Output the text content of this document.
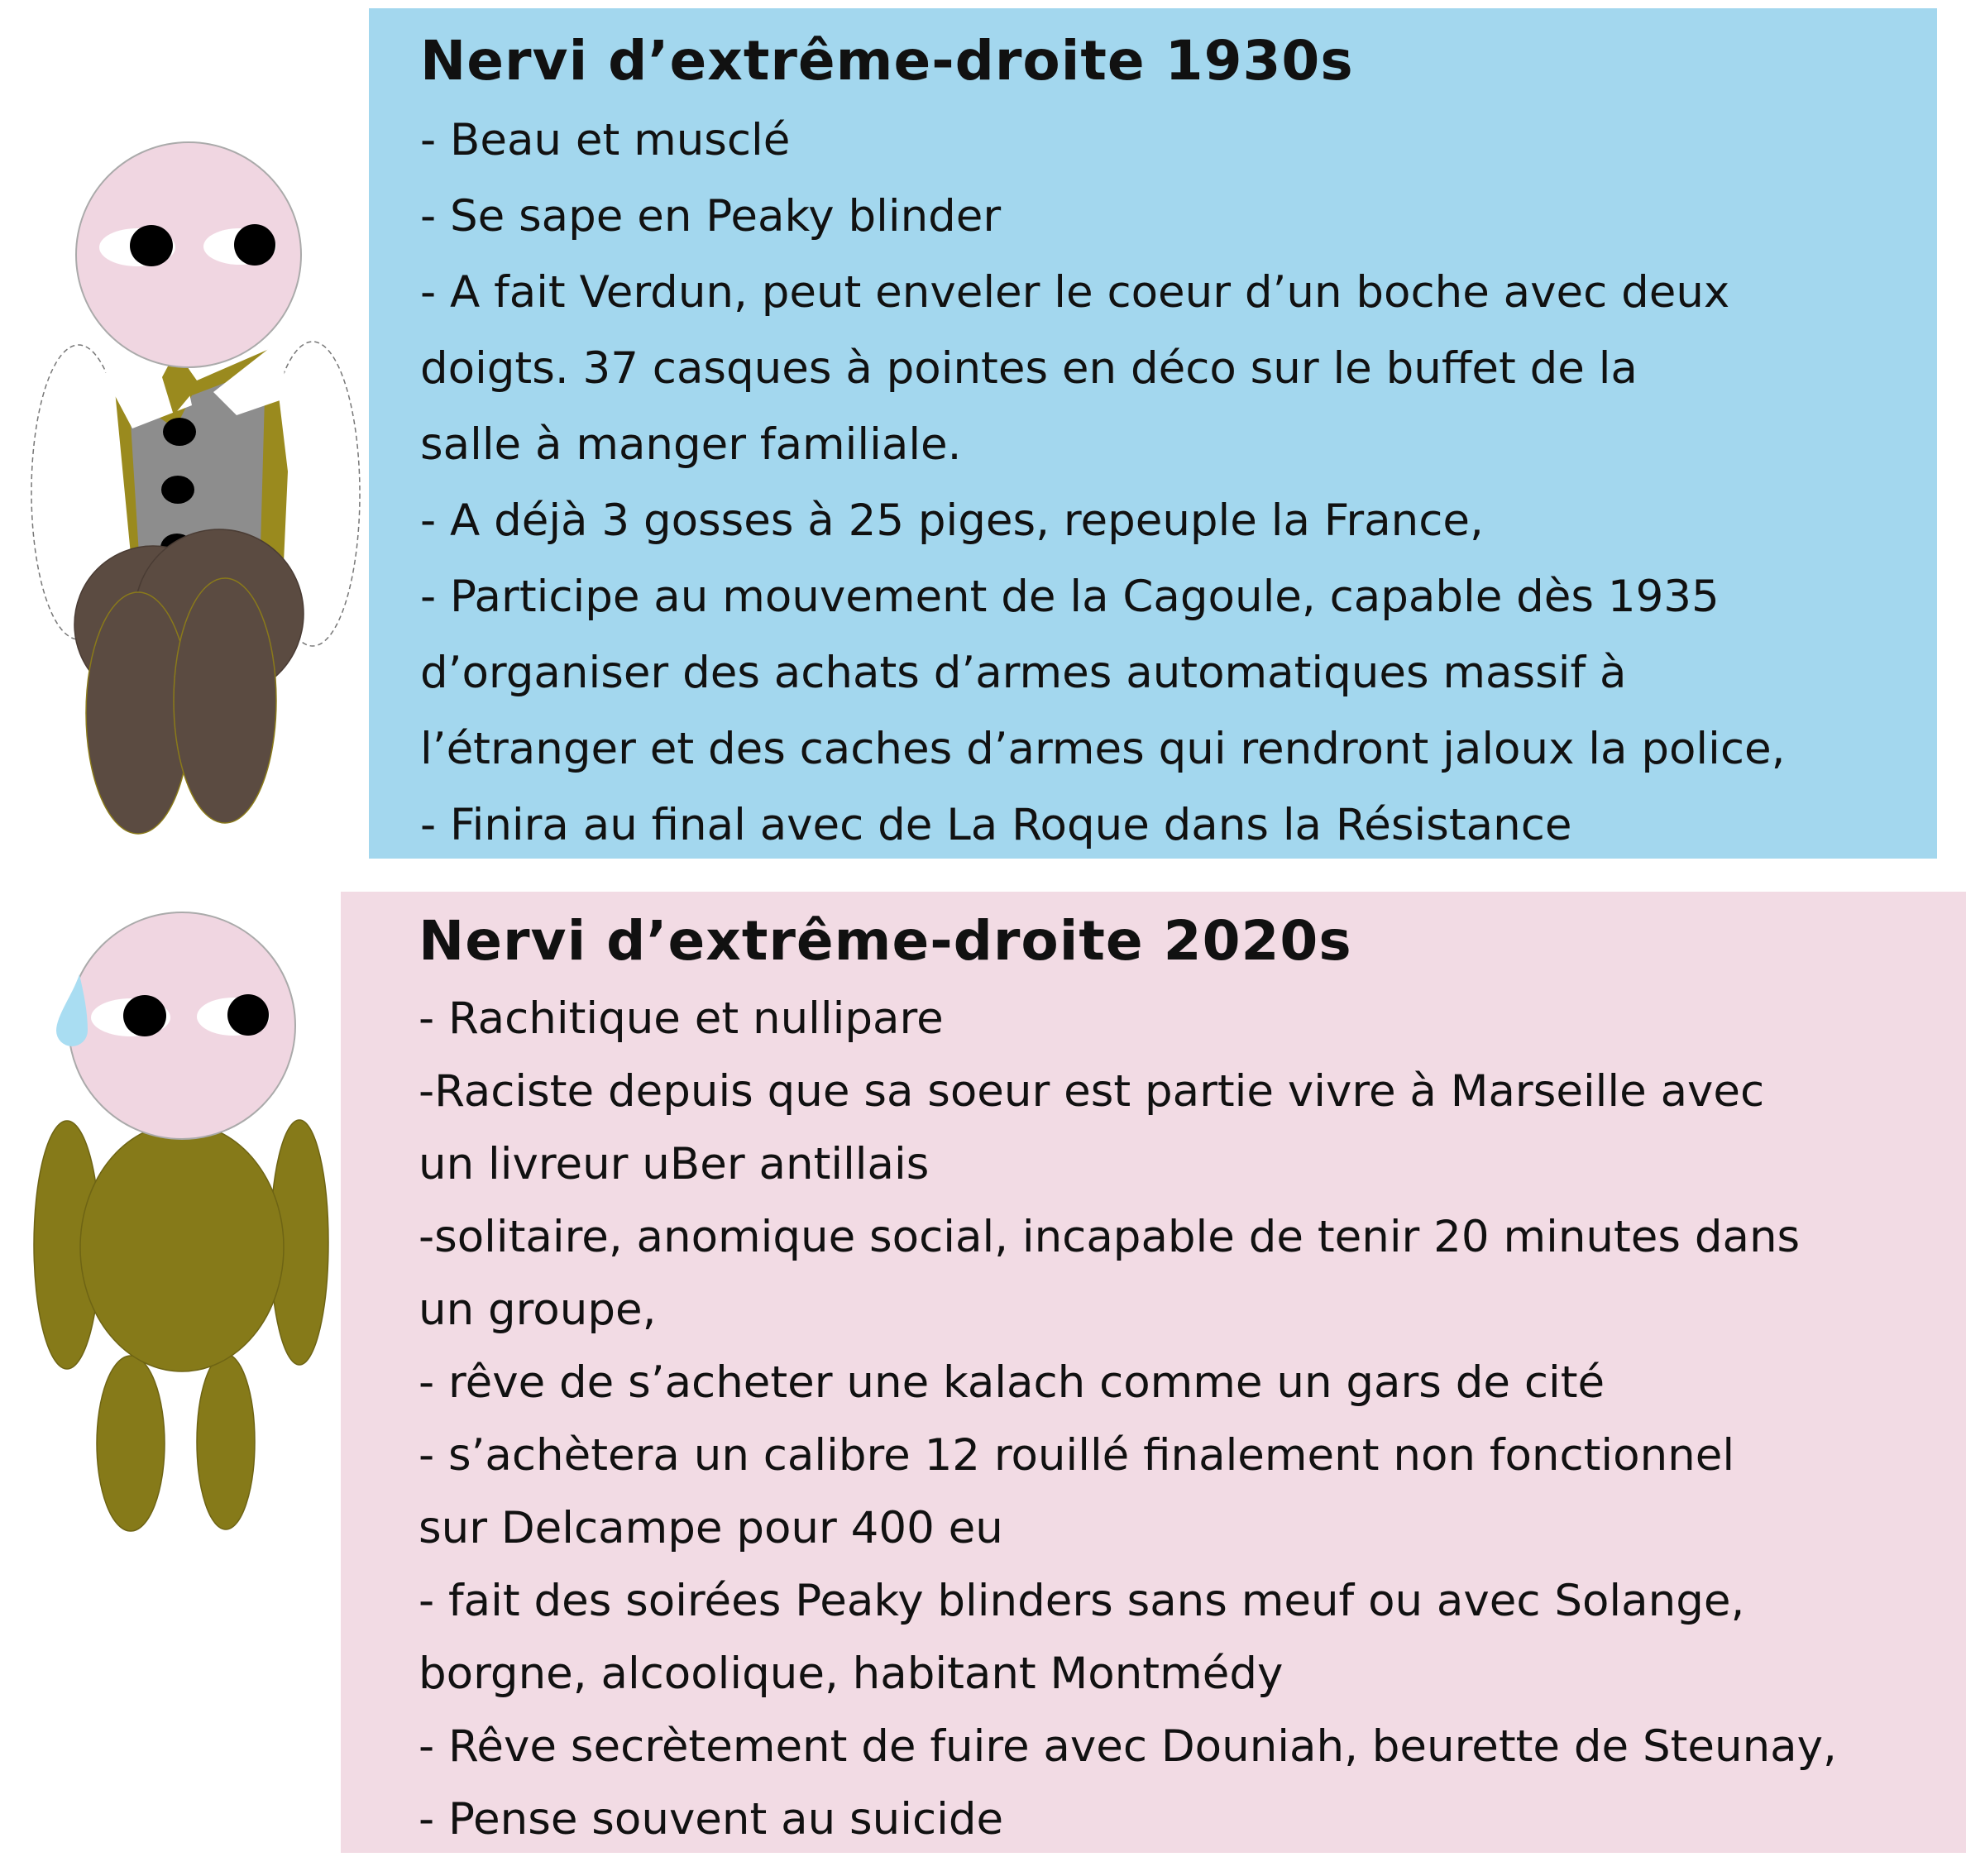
Nervi d’extrême-droite 1930s
- Beau et musclé
- Se sape en Peaky blinder
- A fait Verdun, peut enveler le coeur d’un boche avec deux
doigts. 37 casques à pointes en déco sur le buffet de la
salle à manger familiale.
- A déjà 3 gosses à 25 piges, repeuple la France,
- Participe au mouvement de la Cagoule, capable dès 1935
d’organiser des achats d’armes automatiques massif à
l’étranger et des caches d’armes qui rendront jaloux la police,
- Finira au final avec de La Roque dans la Résistance
Nervi d’extrême-droite 2020s
- Rachitique et nullipare
-Raciste depuis que sa soeur est partie vivre à Marseille avec
un livreur uBer antillais
-solitaire, anomique social, incapable de tenir 20 minutes dans
un groupe,
- rêve de s’acheter une kalach comme un gars de cité
- s’achètera un calibre 12 rouillé finalement non fonctionnel
sur Delcampe pour 400 eu
- fait des soirées Peaky blinders sans meuf ou avec Solange,
borgne, alcoolique, habitant Montmédy
- Rêve secrètement de fuire avec Douniah, beurette de Steunay,
- Pense souvent au suicide
